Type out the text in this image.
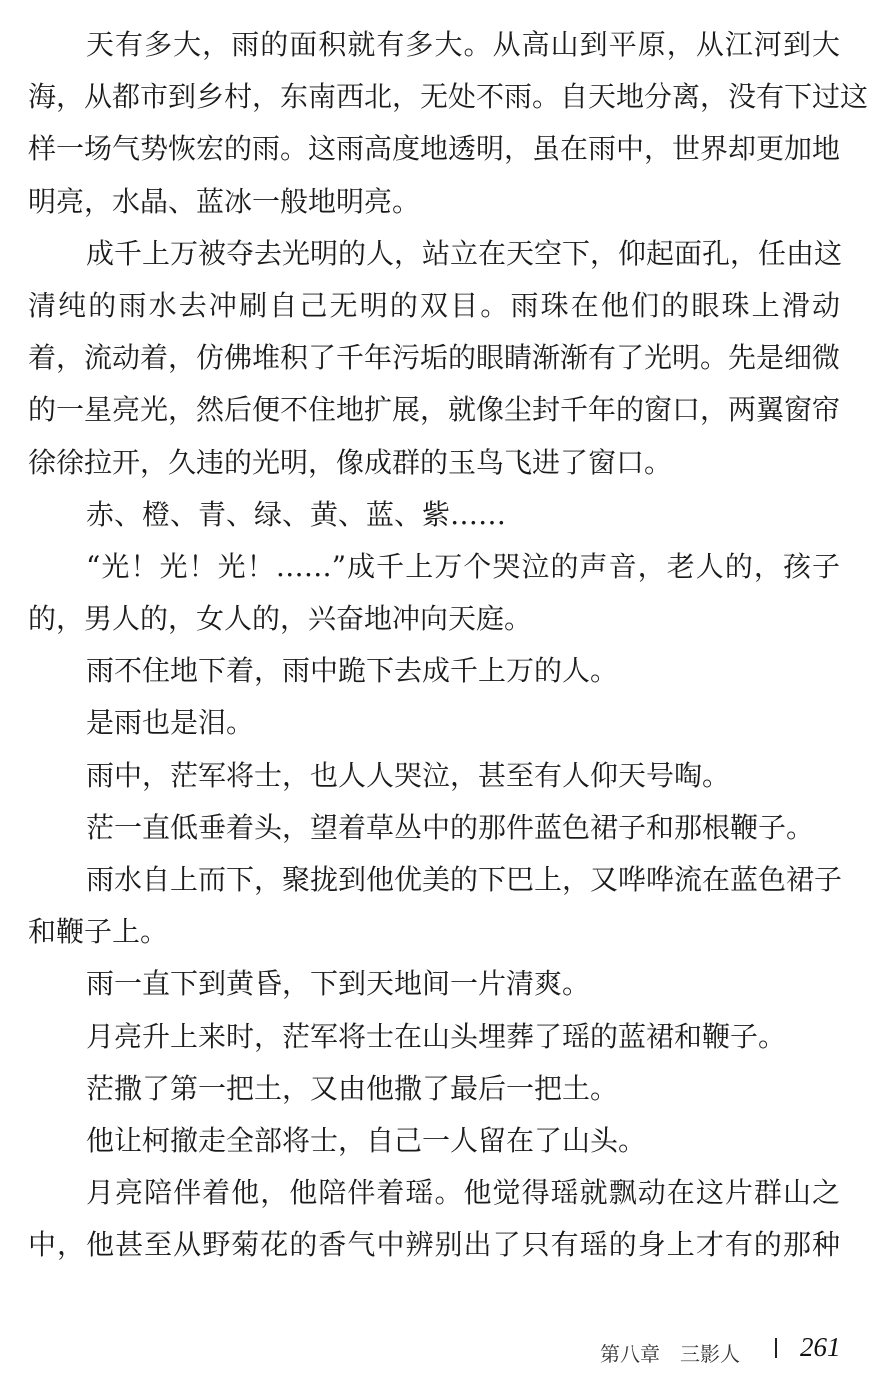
天有多大，雨的面积就有多大。从高山到平原，从江河到大
海，从都市到乡村，东南西北，无处不雨。自天地分离，没有下过这
样一场气势恢宏的雨。这雨高度地透明，虽在雨中，世界却更加地
明亮，水晶、蓝冰一般地明亮。
成千上万被夺去光明的人，站立在天空下，仰起面孔，任由这
清纯的雨水去冲刷自己无明的双目。雨珠在他们的眼珠上滑动
着，流动着，仿佛堆积了千年污垢的眼睛渐渐有了光明。先是细微
的一星亮光，然后便不住地扩展，就像尘封千年的窗口，两翼窗帘
徐徐拉开，久违的光明，像成群的玉鸟飞进了窗口。
赤、橙、青、绿、黄、蓝、紫……
“光！光！光！……”成千上万个哭泣的声音，老人的，孩子
的，男人的，女人的，兴奋地冲向天庭。
雨不住地下着，雨中跪下去成千上万的人。
是雨也是泪。
雨中，茫军将士，也人人哭泣，甚至有人仰天号啕。
茫一直低垂着头，望着草丛中的那件蓝色裙子和那根鞭子。
雨水自上而下，聚拢到他优美的下巴上，又哗哗流在蓝色裙子
和鞭子上。
雨一直下到黄昏，下到天地间一片清爽。
月亮升上来时，茫军将士在山头埋葬了瑶的蓝裙和鞭子。
茫撒了第一把土，又由他撒了最后一把土。
他让柯撤走全部将士，自己一人留在了山头。
月亮陪伴着他，他陪伴着瑶。他觉得瑶就飘动在这片群山之
中，他甚至从野菊花的香气中辨别出了只有瑶的身上才有的那种
第八章　三影人 261
